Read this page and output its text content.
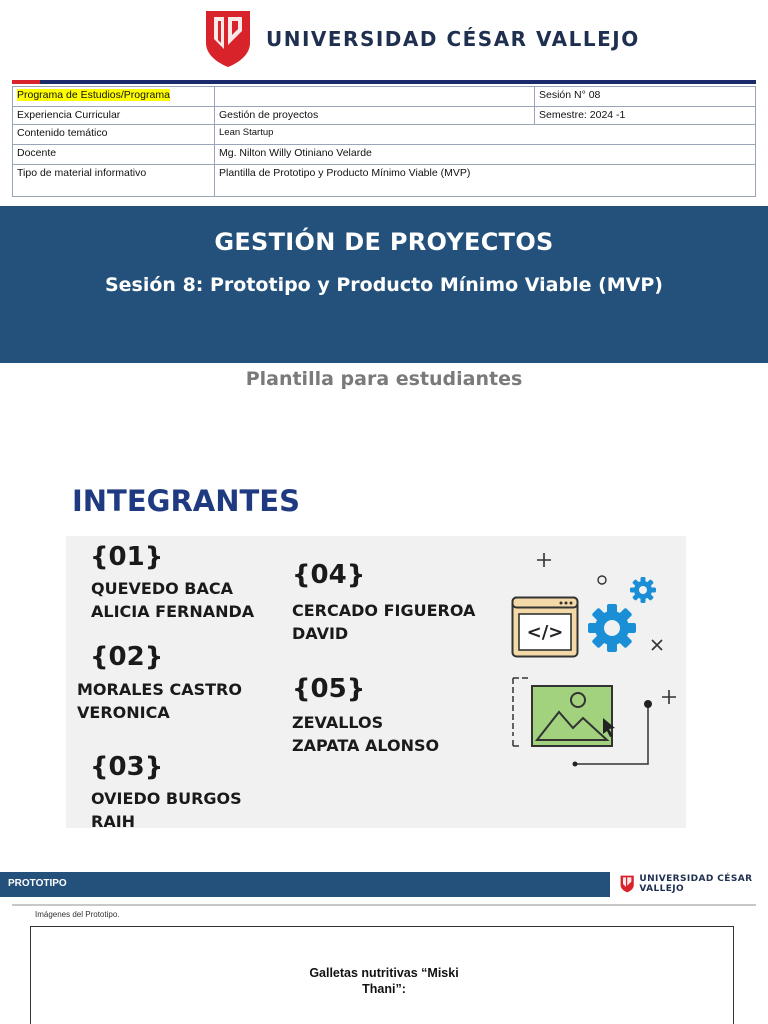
UNIVERSIDAD CÉSAR VALLEJO
Programa de Estudios/Programa		Sesión N° 08
Experiencia Curricular	Gestión de proyectos	Semestre: 2024 -1
Contenido temático	Lean Startup	
Docente	Mg. Nilton Willy Otiniano Velarde	
Tipo de material informativo	Plantilla de Prototipo y Producto Mínimo Viable (MVP)	
GESTIÓN DE PROYECTOS
Sesión 8: Prototipo y Producto Mínimo Viable (MVP)
Plantilla para estudiantes
INTEGRANTES
{01}
QUEVEDO BACA
ALICIA FERNANDA
{02}
MORALES CASTRO
VERONICA
{03}
OVIEDO BURGOS
RAIH
{04}
CERCADO FIGUEROA
DAVID
{05}
ZEVALLOS
ZAPATA ALONSO
</>
PROTOTIPO	UNIVERSIDAD CÉSAR VALLEJO
Imágenes del Prototipo.
Galletas nutritivas “Miski
Thani”:
